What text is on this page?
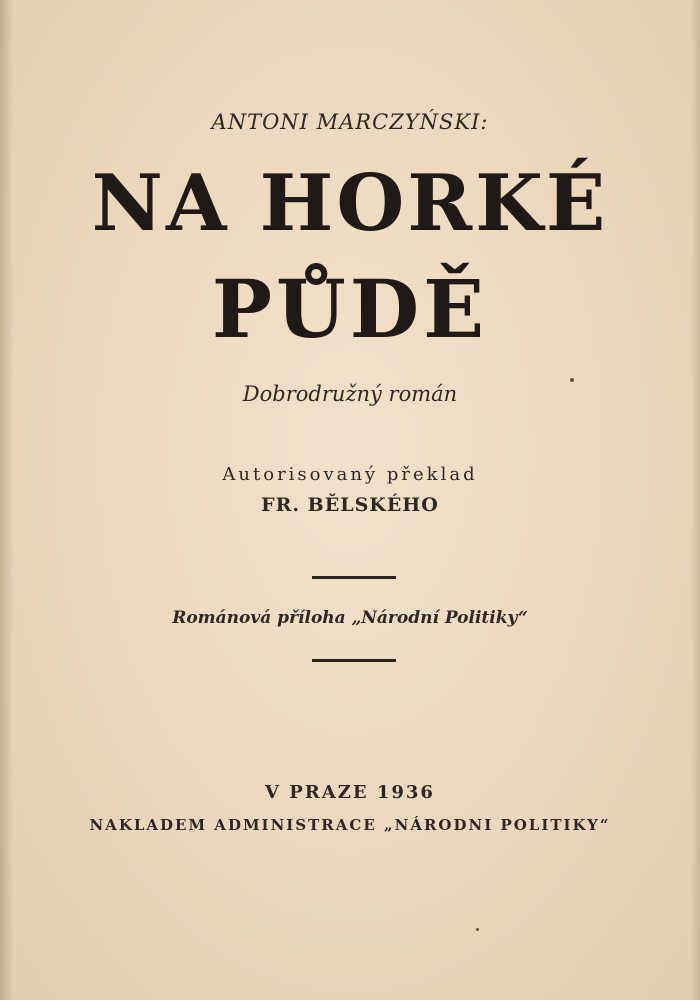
ANTONI MARCZYŃSKI:
NA HORKÉ
PŮDĚ
Dobrodružný román
Autorisovaný překlad
FR. BĚLSKÉHO
Románová příloha „Národní Politiky“
V PRAZE 1936
NAKLADEM ADMINISTRACE „NÁRODNI POLITIKY“
